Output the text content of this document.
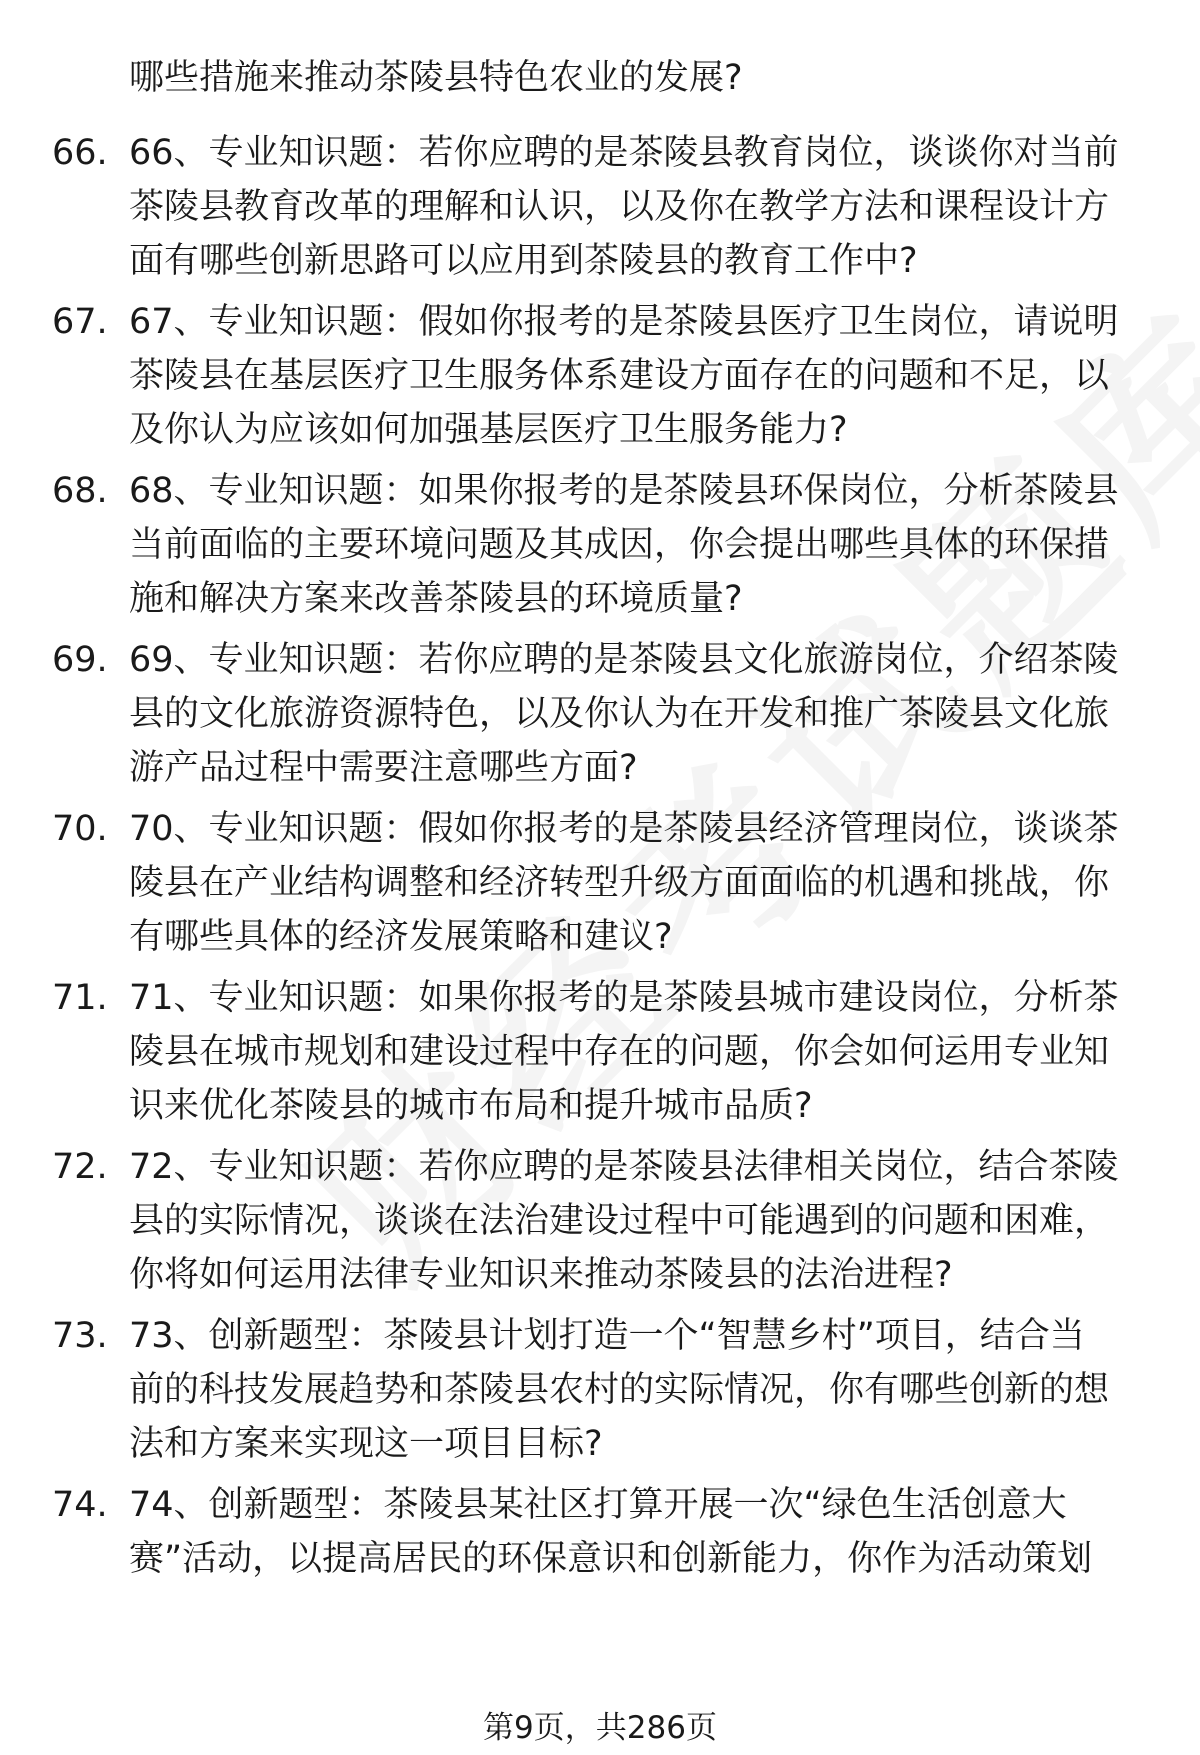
哪些措施来推动茶陵县特色农业的发展?
66. 66、专业知识题：若你应聘的是茶陵县教育岗位，谈谈你对当前
茶陵县教育改革的理解和认识，以及你在教学方法和课程设计方
面有哪些创新思路可以应用到茶陵县的教育工作中?
67. 67、专业知识题：假如你报考的是茶陵县医疗卫生岗位，请说明
茶陵县在基层医疗卫生服务体系建设方面存在的问题和不足，以
及你认为应该如何加强基层医疗卫生服务能力?
68. 68、专业知识题：如果你报考的是茶陵县环保岗位，分析茶陵县
当前面临的主要环境问题及其成因，你会提出哪些具体的环保措
施和解决方案来改善茶陵县的环境质量?
69. 69、专业知识题：若你应聘的是茶陵县文化旅游岗位，介绍茶陵
县的文化旅游资源特色，以及你认为在开发和推广茶陵县文化旅
游产品过程中需要注意哪些方面?
70. 70、专业知识题：假如你报考的是茶陵县经济管理岗位，谈谈茶
陵县在产业结构调整和经济转型升级方面面临的机遇和挑战，你
有哪些具体的经济发展策略和建议?
71. 71、专业知识题：如果你报考的是茶陵县城市建设岗位，分析茶
陵县在城市规划和建设过程中存在的问题，你会如何运用专业知
识来优化茶陵县的城市布局和提升城市品质?
72. 72、专业知识题：若你应聘的是茶陵县法律相关岗位，结合茶陵
县的实际情况，谈谈在法治建设过程中可能遇到的问题和困难，
你将如何运用法律专业知识来推动茶陵县的法治进程?
73. 73、创新题型：茶陵县计划打造一个“智慧乡村”项目，结合当
前的科技发展趋势和茶陵县农村的实际情况，你有哪些创新的想
法和方案来实现这一项目目标?
74. 74、创新题型：茶陵县某社区打算开展一次“绿色生活创意大
赛”活动，以提高居民的环保意识和创新能力，你作为活动策划
第9页，共286页
